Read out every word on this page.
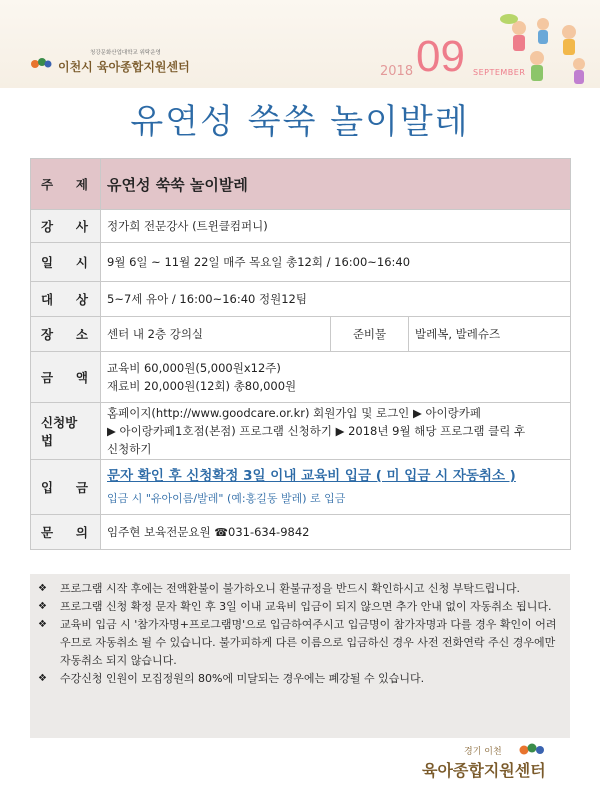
청강문화산업대학교 위탁운영
이천시 육아종합지원센터	2018 09 SEPTEMBER
유연성 쑥쑥 놀이발레
주 제	유연성 쑥쑥 놀이발레		
강 사	정가희 전문강사 (트윈클컴퍼니)		
일 시	9월 6일 ~ 11월 22일 매주 목요일 총12회 / 16:00~16:40		
대 상	5~7세 유아 / 16:00~16:40 정원12팀		
장 소	센터 내 2층 강의실	준비물	발레복, 발레슈즈
금 액	교육비 60,000원(5,000원x12주)
재료비 20,000원(12회) 총80,000원		

신청방법	홈페이지(http://www.goodcare.or.kr) 회원가입 및 로그인 ▶ 아이랑카페
▶ 아이랑카페1호점(본점) 프로그램 신청하기 ▶ 2018년 9월 해당 프로그램 클릭 후
신청하기		

입 금	문자 확인 후 신청확정 3일 이내 교육비 입금 ( 미 입금 시 자동취소 )
입금 시 "유아이름/발레" (예:홍길동 발레) 로 입금		

문 의	임주현 보육전문요원 ☎031-634-9842		
❖ 프로그램 시작 후에는 전액환불이 불가하오니 환불규정을 반드시 확인하시고 신청 부탁드립니다.
❖ 프로그램 신청 확정 문자 확인 후 3일 이내 교육비 입금이 되지 않으면 추가 안내 없이 자동취소 됩니다.
❖ 교육비 입금 시 '참가자명+프로그램명'으로 입금하여주시고 입금명이 참가자명과 다를 경우 확인이 어려우므로 자동취소 될 수 있습니다. 불가피하게 다른 이름으로 입금하신 경우 사전 전화연락 주신 경우에만 자동취소 되지 않습니다.
❖ 수강신청 인원이 모집정원의 80%에 미달되는 경우에는 폐강될 수 있습니다.
경기 이천
육아종합지원센터
